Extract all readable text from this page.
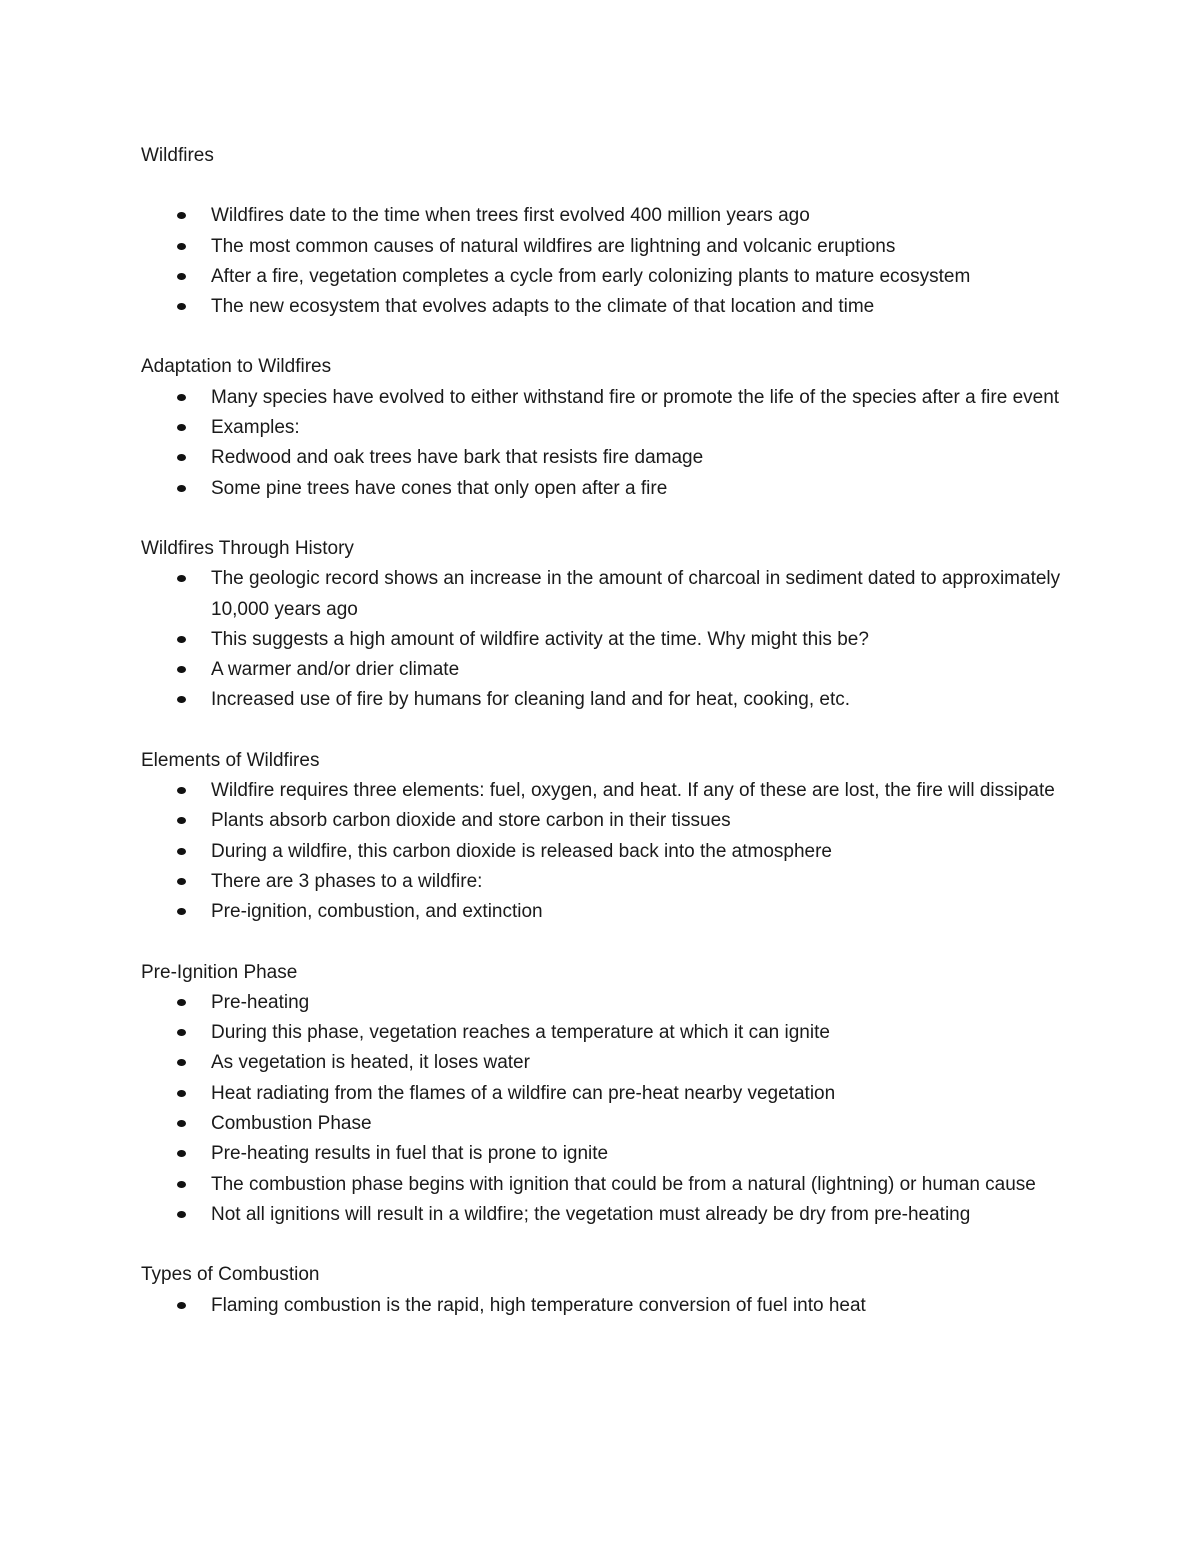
Wildfires
Wildfires date to the time when trees first evolved 400 million years ago
The most common causes of natural wildfires are lightning and volcanic eruptions
After a fire, vegetation completes a cycle from early colonizing plants to mature ecosystem
The new ecosystem that evolves adapts to the climate of that location and time
Adaptation to Wildfires
Many species have evolved to either withstand fire or promote the life of the species after a fire event
Examples:
Redwood and oak trees have bark that resists fire damage
Some pine trees have cones that only open after a fire
Wildfires Through History
The geologic record shows an increase in the amount of charcoal in sediment dated to approximately 10,000 years ago
This suggests a high amount of wildfire activity at the time. Why might this be?
A warmer and/or drier climate
Increased use of fire by humans for cleaning land and for heat, cooking, etc.
Elements of Wildfires
Wildfire requires three elements: fuel, oxygen, and heat. If any of these are lost, the fire will dissipate
Plants absorb carbon dioxide and store carbon in their tissues
During a wildfire, this carbon dioxide is released back into the atmosphere
There are 3 phases to a wildfire:
Pre-ignition, combustion, and extinction
Pre-Ignition Phase
Pre-heating
During this phase, vegetation reaches a temperature at which it can ignite
As vegetation is heated, it loses water
Heat radiating from the flames of a wildfire can pre-heat nearby vegetation
Combustion Phase
Pre-heating results in fuel that is prone to ignite
The combustion phase begins with ignition that could be from a natural (lightning) or human cause
Not all ignitions will result in a wildfire; the vegetation must already be dry from pre-heating
Types of Combustion
Flaming combustion is the rapid, high temperature conversion of fuel into heat
